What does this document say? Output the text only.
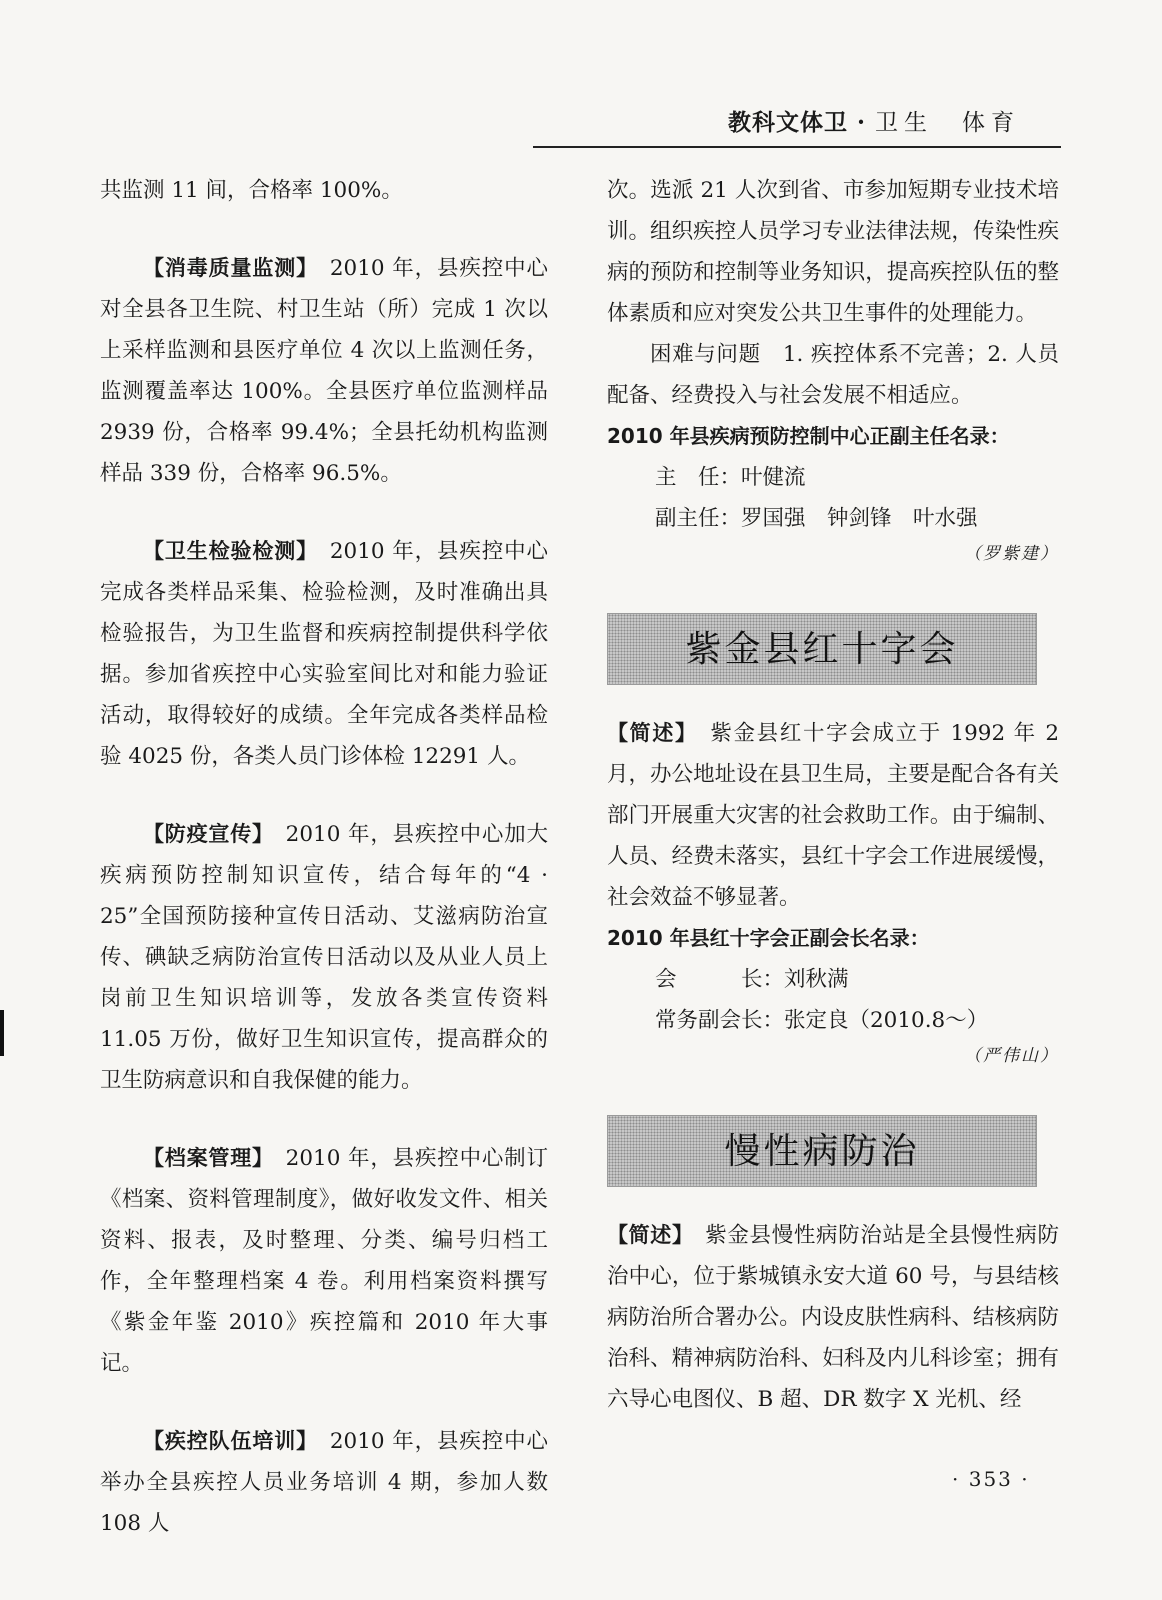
教科文体卫 · 卫生　体育

共监测 11 间，合格率 100%。

【消毒质量监测】　 2010 年，县疾控中心对全县各卫生院、村卫生站（所）完成 1 次以上采样监测和县医疗单位 4 次以上监测任务，监测覆盖率达 100%。全县医疗单位监测样品 2939 份，合格率 99.4%；全县托幼机构监测样品 339 份，合格率 96.5%。

【卫生检验检测】　 2010 年，县疾控中心完成各类样品采集、检验检测，及时准确出具检验报告，为卫生监督和疾病控制提供科学依据。参加省疾控中心实验室间比对和能力验证活动，取得较好的成绩。全年完成各类样品检验 4025 份，各类人员门诊体检 12291 人。

【防疫宣传】　 2010 年，县疾控中心加大疾病预防控制知识宣传，结合每年的“4 · 25”全国预防接种宣传日活动、艾滋病防治宣传、碘缺乏病防治宣传日活动以及从业人员上岗前卫生知识培训等，发放各类宣传资料 11.05 万份，做好卫生知识宣传，提高群众的卫生防病意识和自我保健的能力。

【档案管理】　 2010 年，县疾控中心制订《档案、资料管理制度》，做好收发文件、相关资料、报表，及时整理、分类、编号归档工作，全年整理档案 4 卷。利用档案资料撰写《紫金年鉴 2010》疾控篇和 2010 年大事记。

【疾控队伍培训】　 2010 年，县疾控中心举办全县疾控人员业务培训 4 期，参加人数 108 人

次。选派 21 人次到省、市参加短期专业技术培训。组织疾控人员学习专业法律法规，传染性疾病的预防和控制等业务知识，提高疾控队伍的整体素质和应对突发公共卫生事件的处理能力。

困难与问题　1. 疾控体系不完善；2. 人员配备、经费投入与社会发展不相适应。

2010 年县疾病预防控制中心正副主任名录：

主　任：叶健流

副主任：罗国强　钟剑锋　叶水强

（罗紫建）

紫金县红十字会

【简述】　 紫金县红十字会成立于 1992 年 2 月，办公地址设在县卫生局，主要是配合各有关部门开展重大灾害的社会救助工作。由于编制、人员、经费未落实，县红十字会工作进展缓慢，社会效益不够显著。

2010 年县红十字会正副会长名录：

会　　　长：刘秋满

常务副会长：张定良（2010.8～）

（严伟山）

慢性病防治

【简述】　 紫金县慢性病防治站是全县慢性病防治中心，位于紫城镇永安大道 60 号，与县结核病防治所合署办公。内设皮肤性病科、结核病防治科、精神病防治科、妇科及内儿科诊室；拥有六导心电图仪、B 超、DR 数字 X 光机、经

· 353 ·
